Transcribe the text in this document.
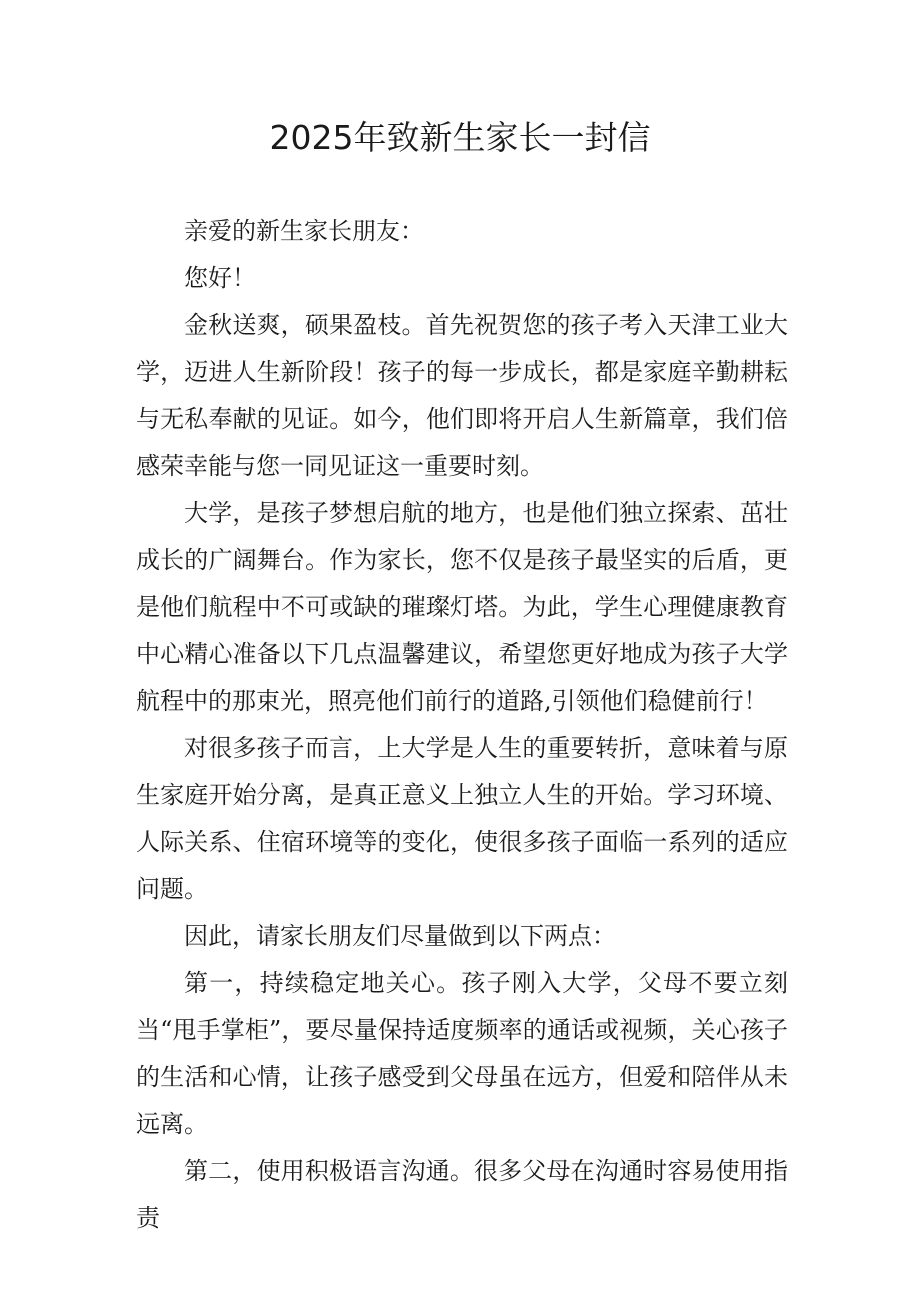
2025年致新生家长一封信

亲爱的新生家长朋友：

您好！

金秋送爽，硕果盈枝。首先祝贺您的孩子考入天津工业大学，迈进人生新阶段！孩子的每一步成长，都是家庭辛勤耕耘与无私奉献的见证。如今，他们即将开启人生新篇章，我们倍感荣幸能与您一同见证这一重要时刻。

大学，是孩子梦想启航的地方，也是他们独立探索、茁壮成长的广阔舞台。作为家长，您不仅是孩子最坚实的后盾，更是他们航程中不可或缺的璀璨灯塔。为此，学生心理健康教育中心精心准备以下几点温馨建议，希望您更好地成为孩子大学航程中的那束光，照亮他们前行的道路,引领他们稳健前行！

对很多孩子而言，上大学是人生的重要转折，意味着与原生家庭开始分离，是真正意义上独立人生的开始。学习环境、人际关系、住宿环境等的变化，使很多孩子面临一系列的适应问题。

因此，请家长朋友们尽量做到以下两点：

第一，持续稳定地关心。孩子刚入大学，父母不要立刻当“甩手掌柜”，要尽量保持适度频率的通话或视频，关心孩子的生活和心情，让孩子感受到父母虽在远方，但爱和陪伴从未远离。

第二，使用积极语言沟通。很多父母在沟通时容易使用指责
